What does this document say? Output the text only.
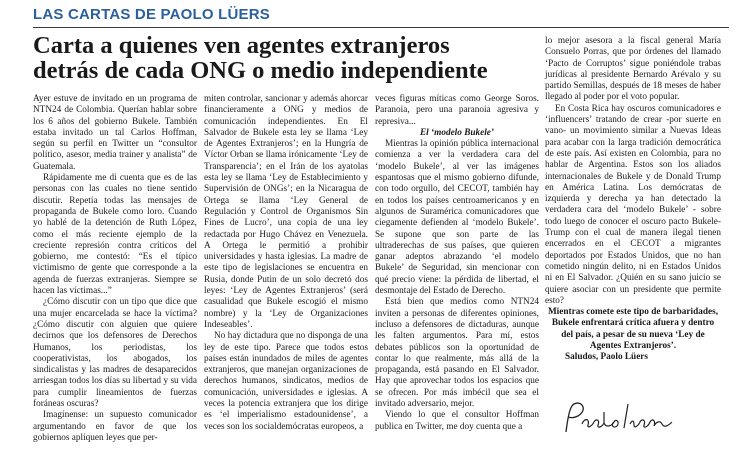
LAS CARTAS DE PAOLO LÜERS
Carta a quienes ven agentes extranjeros detrás de cada ONG o medio independiente

Ayer estuve de invitado en un programa de NTN24 de Colombia. Querían hablar sobre los 6 años del gobierno Bukele. También estaba invitado un tal Carlos Hoffman, según su perfil en Twitter un “consultor político, asesor, media trainer y analista” de Guatemala.

Rápidamente me di cuenta que es de las personas con las cuales no tiene sentido discutir. Repetía todas las mensajes de propaganda de Bukele como loro. Cuando yo hablé de la detención de Ruth López, como el más reciente ejemplo de la creciente represión contra críticos del gobierno, me contestó: “Es el típico victimismo de gente que corresponde a la agenda de fuerzas extranjeras. Siempre se hacen las víctimas...”

¿Cómo discutir con un tipo que dice que una mujer encarcelada se hace la víctima? ¿Cómo discutir con alguien que quiere decirnos que los defensores de Derechos Humanos, los periodistas, los cooperativistas, los abogados, los sindicalistas y las madres de desaparecidos arriesgan todos los días su libertad y su vida para cumplir lineamientos de fuerzas foráneas oscuras?

Imagínense: un supuesto comunicador argumentando en favor de que los gobiernos apliquen leyes que per-

miten controlar, sancionar y además ahorcar financieramente a ONG y medios de comunicación independientes. En El Salvador de Bukele esta ley se llama ‘Ley de Agentes Extranjeros’; en la Hungría de Víctor Orban se llama irónicamente ‘Ley de Transparencia’; en el Irán de los ayatolas esta ley se llama ‘Ley de Establecimiento y Supervisión de ONGs’; en la Nicaragua de Ortega se llama ‘Ley General de Regulación y Control de Organismos Sin Fines de Lucro’, una copia de una ley redactada por Hugo Chávez en Venezuela. A Ortega le permitió a prohibir universidades y hasta iglesias. La madre de este tipo de legislaciones se encuentra en Rusia, donde Putin de un solo decretó dos leyes: ‘Ley de Agentes Extranjeros’ (será casualidad que Bukele escogió el mismo nombre) y la ‘Ley de Organizaciones Indeseables’.

No hay dictadura que no disponga de una ley de este tipo. Parece que todos estos países están inundados de miles de agentes extranjeros, que manejan organizaciones de derechos humanos, sindicatos, medios de comunicación, universidades e iglesias. A veces la potencia extranjera que los dirige es ‘el imperialismo estadounidense’, a veces son los socialdemócratas europeos, a

veces figuras míticas como George Soros. Paranoia, pero una paranoia agresiva y represiva...

El ‘modelo Bukele’

Mientras la opinión pública internacional comienza a ver la verdadera cara del ‘modelo Bukele’, al ver las imágenes espantosas que el mismo gobierno difunde, con todo orgullo, del CECOT, también hay en todos los países centroamericanos y en algunos de Suramérica comunicadores que ciegamente defienden al ‘modelo Bukele’. Se supone que son parte de las ultraderechas de sus países, que quieren ganar adeptos abrazando ‘el modelo Bukele’ de Seguridad, sin mencionar con qué precio viene: la pérdida de libertad, el desmontaje del Estado de Derecho.

Está bien que medios como NTN24 inviten a personas de diferentes opiniones, incluso a defensores de dictaduras, aunque les falten argumentos. Para mí, estos debates públicos son la oportunidad de contar lo que realmente, más allá de la propaganda, está pasando en El Salvador. Hay que aprovechar todos los espacios que se ofrecen. Por más imbécil que sea el invitado adversario, mejor.

Viendo lo que el consultor Hoffman publica en Twitter, me doy cuenta que a

lo mejor asesora a la fiscal general María Consuelo Porras, que por órdenes del llamado ‘Pacto de Corruptos’ sigue poniéndole trabas jurídicas al presidente Bernardo Arévalo y su partido Semillas, después de 18 meses de haber llegado al poder por el voto popular.

En Costa Rica hay oscuros comunicadores e ‘influencers’ tratando de crear -por suerte en vano- un movimiento similar a Nuevas Ideas para acabar con la larga tradición democrática de este país. Así existen en Colombia, para no hablar de Argentina. Estos son los aliados internacionales de Bukele y de Donald Trump en América Latina. Los demócratas de izquierda y derecha ya han detectado la verdadera cara del ‘modelo Bukele’ - sobre todo luego de conocer el oscuro pacto Bukele-Trump con el cual de manera ilegal tienen encerrados en el CECOT a migrantes deportados por Estados Unidos, que no han cometido ningún delito, ni en Estados Unidos ni en El Salvador. ¿Quién en su sano juicio se quiere asociar con un presidente que permite esto?

Mientras comete este tipo de barbaridades, Bukele enfrentará crítica afuera y dentro del país, a pesar de su nueva ‘Ley de Agentes Extranjeros’.

Saludos, Paolo Lüers
